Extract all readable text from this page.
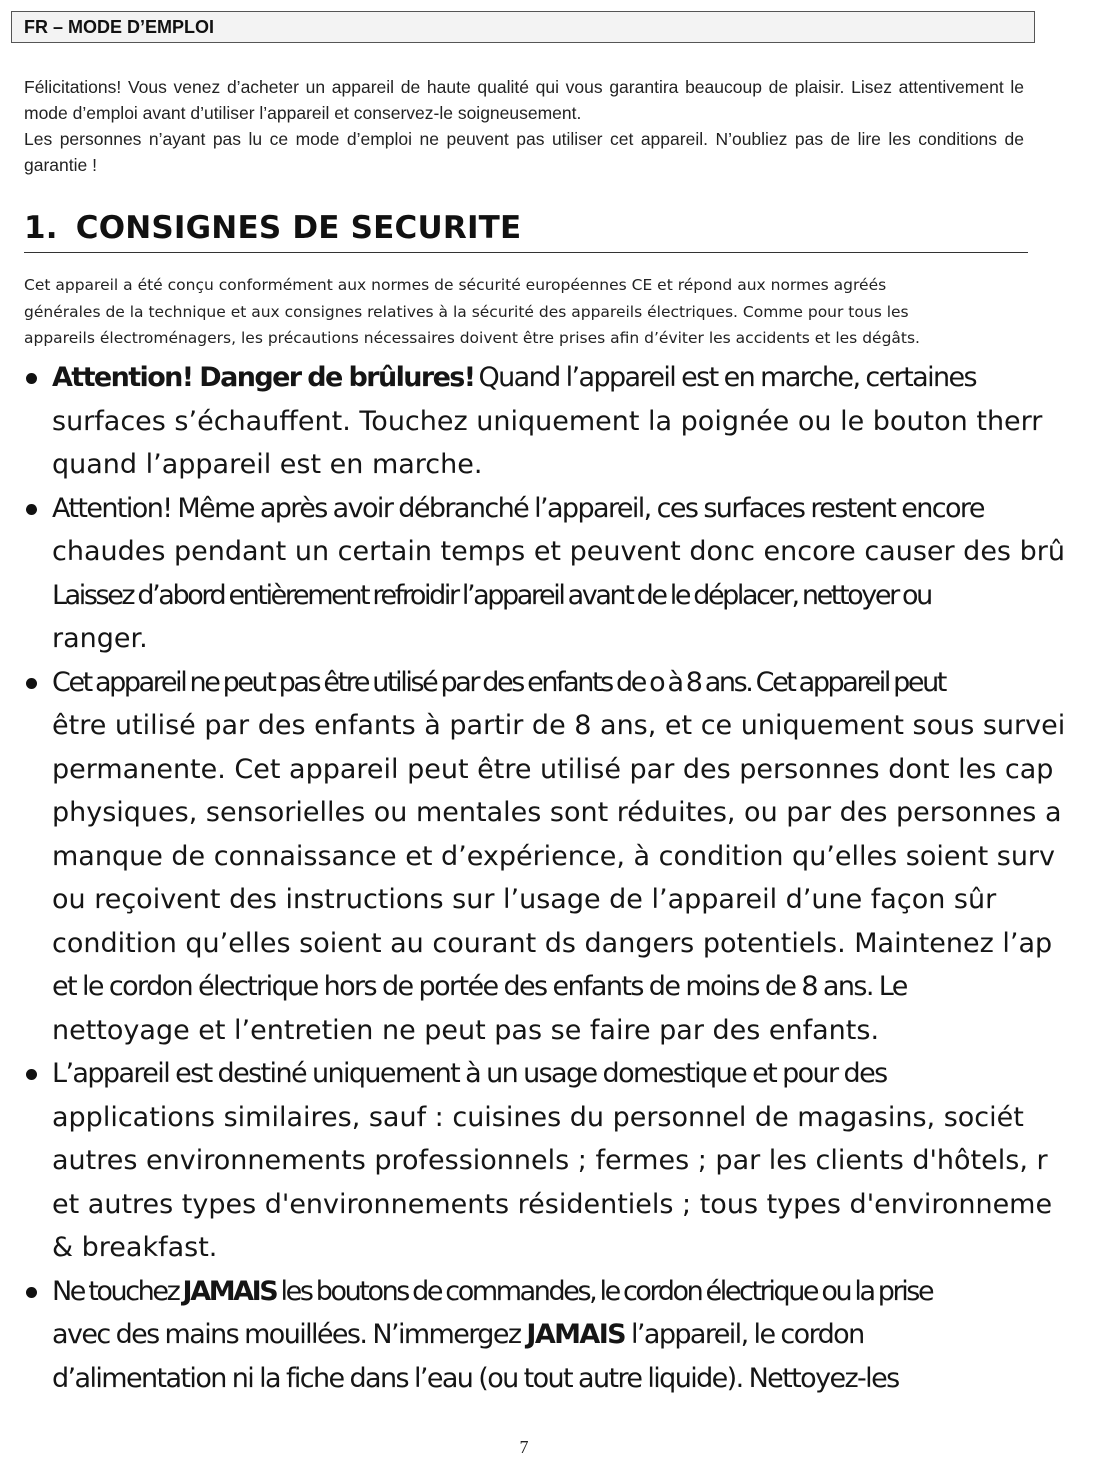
FR – MODE D’EMPLOI

Félicitations! Vous venez d’acheter un appareil de haute qualité qui vous garantira beaucoup de plaisir. Lisez attentivement le mode d’emploi avant d’utiliser l’appareil et conservez-le soigneusement.

Les personnes n’ayant pas lu ce mode d’emploi ne peuvent pas utiliser cet appareil. N’oubliez pas de lire les conditions de garantie !

1. CONSIGNES DE SECURITE
Cet appareil a été conçu conformément aux normes de sécurité européennes CE et répond aux normes agréés
générales de la technique et aux consignes relatives à la sécurité des appareils électriques. Comme pour tous les
appareils électroménagers, les précautions nécessaires doivent être prises afin d’éviter les accidents et les dégâts.
Attention! Danger de brûlures! Quand l’appareil est en marche, certaines
surfaces s’échauffent. Touchez uniquement la poignée ou le bouton therr
quand l’appareil est en marche.
Attention! Même après avoir débranché l’appareil, ces surfaces restent encore
chaudes pendant un certain temps et peuvent donc encore causer des brû
Laissez d’abord entièrement refroidir l’appareil avant de le déplacer, nettoyer ou
ranger.
Cet appareil ne peut pas être utilisé par des enfants de o à 8 ans. Cet appareil peut
être utilisé par des enfants à partir de 8 ans, et ce uniquement sous survei
permanente. Cet appareil peut être utilisé par des personnes dont les cap
physiques, sensorielles ou mentales sont réduites, ou par des personnes a
manque de connaissance et d’expérience, à condition qu’elles soient surv
ou reçoivent des instructions sur l’usage de l’appareil d’une façon sûr
condition qu’elles soient au courant ds dangers potentiels. Maintenez l’ap
et le cordon électrique hors de portée des enfants de moins de 8 ans. Le
nettoyage et l’entretien ne peut pas se faire par des enfants.
L’appareil est destiné uniquement à un usage domestique et pour des
applications similaires, sauf : cuisines du personnel de magasins, sociét
autres environnements professionnels ; fermes ; par les clients d'hôtels, r
et autres types d'environnements résidentiels ; tous types d'environneme
& breakfast.
Ne touchez JAMAIS les boutons de commandes, le cordon électrique ou la prise
avec des mains mouillées. N’immergez JAMAIS l’appareil, le cordon
d’alimentation ni la fiche dans l’eau (ou tout autre liquide). Nettoyez-les
7
